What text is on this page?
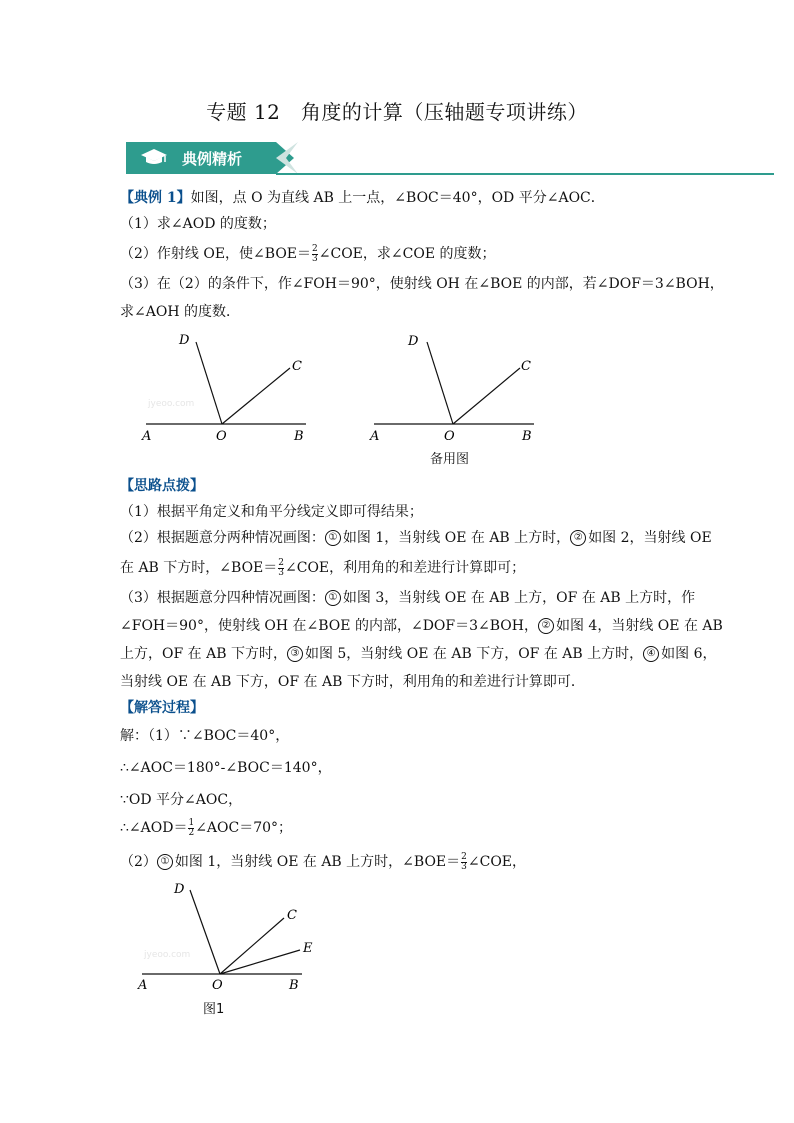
专题 12　角度的计算（压轴题专项讲练）
典例精析
【典例 1】如图，点 O 为直线 AB 上一点，∠BOC＝40°，OD 平分∠AOC．
（1）求∠AOD 的度数；
（2）作射线 OE，使∠BOE＝ $\frac{2}{3}$ ∠COE，求∠COE 的度数；
（3）在（2）的条件下，作∠FOH＝90°，使射线 OH 在∠BOE 的内部，若∠DOF＝3∠BOH，
求∠AOH 的度数．
D
C
A	O	B
jyeoo.com
D
C
A	O	B
备用图
【思路点拨】
（1）根据平角定义和角平分线定义即可得结果；
（2）根据题意分两种情况画图： ① 如图 1，当射线 OE 在 AB 上方时， ② 如图 2，当射线 OE
在 AB 下方时，∠BOE＝ $\frac{2}{3}$ ∠COE，利用角的和差进行计算即可；
（3）根据题意分四种情况画图： ① 如图 3，当射线 OE 在 AB 上方，OF 在 AB 上方时，作
∠FOH＝90°，使射线 OH 在∠BOE 的内部，∠DOF＝3∠BOH， ② 如图 4，当射线 OE 在 AB
上方，OF 在 AB 下方时， ③ 如图 5，当射线 OE 在 AB 下方，OF 在 AB 上方时， ④ 如图 6，
当射线 OE 在 AB 下方，OF 在 AB 下方时，利用角的和差进行计算即可．
【解答过程】
解：（1）∵∠BOC＝40°，
∴∠AOC＝180°-∠BOC＝140°，
∵OD 平分∠AOC，
∴∠AOD＝ $\frac{1}{2}$ ∠AOC＝70°；
（2） ① 如图 1，当射线 OE 在 AB 上方时，∠BOE＝ $\frac{2}{3}$ ∠COE，
D
C
E
A	O	B
jyeoo.com
图1
